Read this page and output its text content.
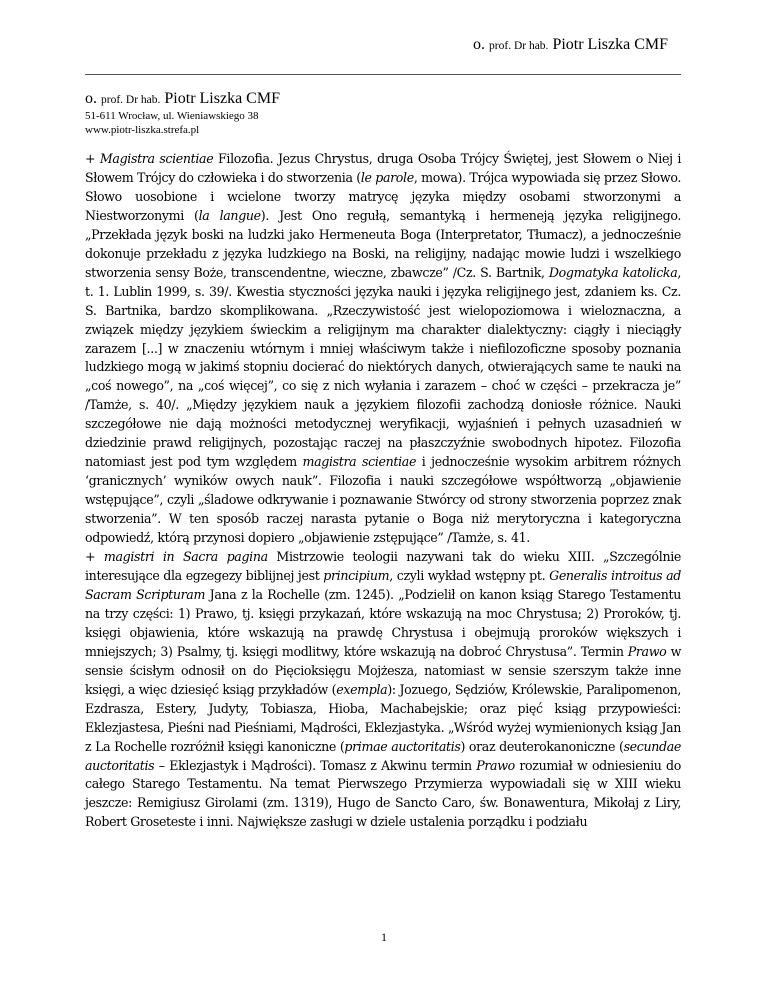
o. prof. Dr hab. Piotr Liszka CMF
o. prof. Dr hab. Piotr Liszka CMF
51-611 Wrocław, ul. Wieniawskiego 38
www.piotr-liszka.strefa.pl

+ Magistra scientiae Filozofia. Jezus Chrystus, druga Osoba Trójcy Świętej, jest Słowem o Niej i Słowem Trójcy do człowieka i do stworzenia (le parole, mowa). Trójca wypowiada się przez Słowo. Słowo uosobione i wcielone tworzy matrycę języka między osobami stworzonymi a Niestworzonymi (la langue). Jest Ono regułą, semantyką i hermeneją języka religijnego. „Przekłada język boski na ludzki jako Hermeneuta Boga (Interpretator, Tłumacz), a jednocześnie dokonuje przekładu z języka ludzkiego na Boski, na religijny, nadając mowie ludzi i wszelkiego stworzenia sensy Boże, transcendentne, wieczne, zbawcze” /Cz. S. Bartnik, Dogmatyka katolicka, t. 1. Lublin 1999, s. 39/. Kwestia styczności języka nauki i języka religijnego jest, zdaniem ks. Cz. S. Bartnika, bardzo skomplikowana. „Rzeczywistość jest wielopoziomowa i wieloznaczna, a związek między językiem świeckim a religijnym ma charakter dialektyczny: ciągły i nieciągły zarazem [...] w znaczeniu wtórnym i mniej właściwym także i niefilozoficzne sposoby poznania ludzkiego mogą w jakimś stopniu docierać do niektórych danych, otwierających same te nauki na „coś nowego”, na „coś więcej”, co się z nich wyłania i zarazem – choć w części – przekracza je” /Tamże, s. 40/. „Między językiem nauk a językiem filozofii zachodzą doniosłe różnice. Nauki szczegółowe nie dają możności metodycznej weryfikacji, wyjaśnień i pełnych uzasadnień w dziedzinie prawd religijnych, pozostając raczej na płaszczyźnie swobodnych hipotez. Filozofia natomiast jest pod tym względem magistra scientiae i jednocześnie wysokim arbitrem różnych ‘granicznych’ wyników owych nauk”. Filozofia i nauki szczegółowe współtworzą „objawienie wstępujące”, czyli „śladowe odkrywanie i poznawanie Stwórcy od strony stworzenia poprzez znak stworzenia”. W ten sposób raczej narasta pytanie o Boga niż merytoryczna i kategoryczna odpowiedź, którą przynosi dopiero „objawienie zstępujące” /Tamże, s. 41.

+ magistri in Sacra pagina Mistrzowie teologii nazywani tak do wieku XIII. „Szczególnie interesujące dla egzegezy biblijnej jest principium, czyli wykład wstępny pt. Generalis introitus ad Sacram Scripturam Jana z la Rochelle (zm. 1245). „Podzielił on kanon ksiąg Starego Testamentu na trzy części: 1) Prawo, tj. księgi przykazań, które wskazują na moc Chrystusa; 2) Proroków, tj. księgi objawienia, które wskazują na prawdę Chrystusa i obejmują proroków większych i mniejszych; 3) Psalmy, tj. księgi modlitwy, które wskazują na dobroć Chrystusa”. Termin Prawo w sensie ścisłym odnosił on do Pięcioksięgu Mojżesza, natomiast w sensie szerszym także inne księgi, a więc dziesięć ksiąg przykładów (exempla): Jozuego, Sędziów, Królewskie, Paralipomenon, Ezdrasza, Estery, Judyty, Tobiasza, Hioba, Machabejskie; oraz pięć ksiąg przypowieści: Eklezjastesa, Pieśni nad Pieśniami, Mądrości, Eklezjastyka. „Wśród wyżej wymienionych ksiąg Jan z La Rochelle rozróżnił księgi kanoniczne (primae auctoritatis) oraz deuterokanoniczne (secundae auctoritatis – Eklezjastyk i Mądrości). Tomasz z Akwinu termin Prawo rozumiał w odniesieniu do całego Starego Testamentu. Na temat Pierwszego Przymierza wypowiadali się w XIII wieku jeszcze: Remigiusz Girolami (zm. 1319), Hugo de Sancto Caro, św. Bonawentura, Mikołaj z Liry, Robert Groseteste i inni. Największe zasługi w dziele ustalenia porządku i podziału

1
